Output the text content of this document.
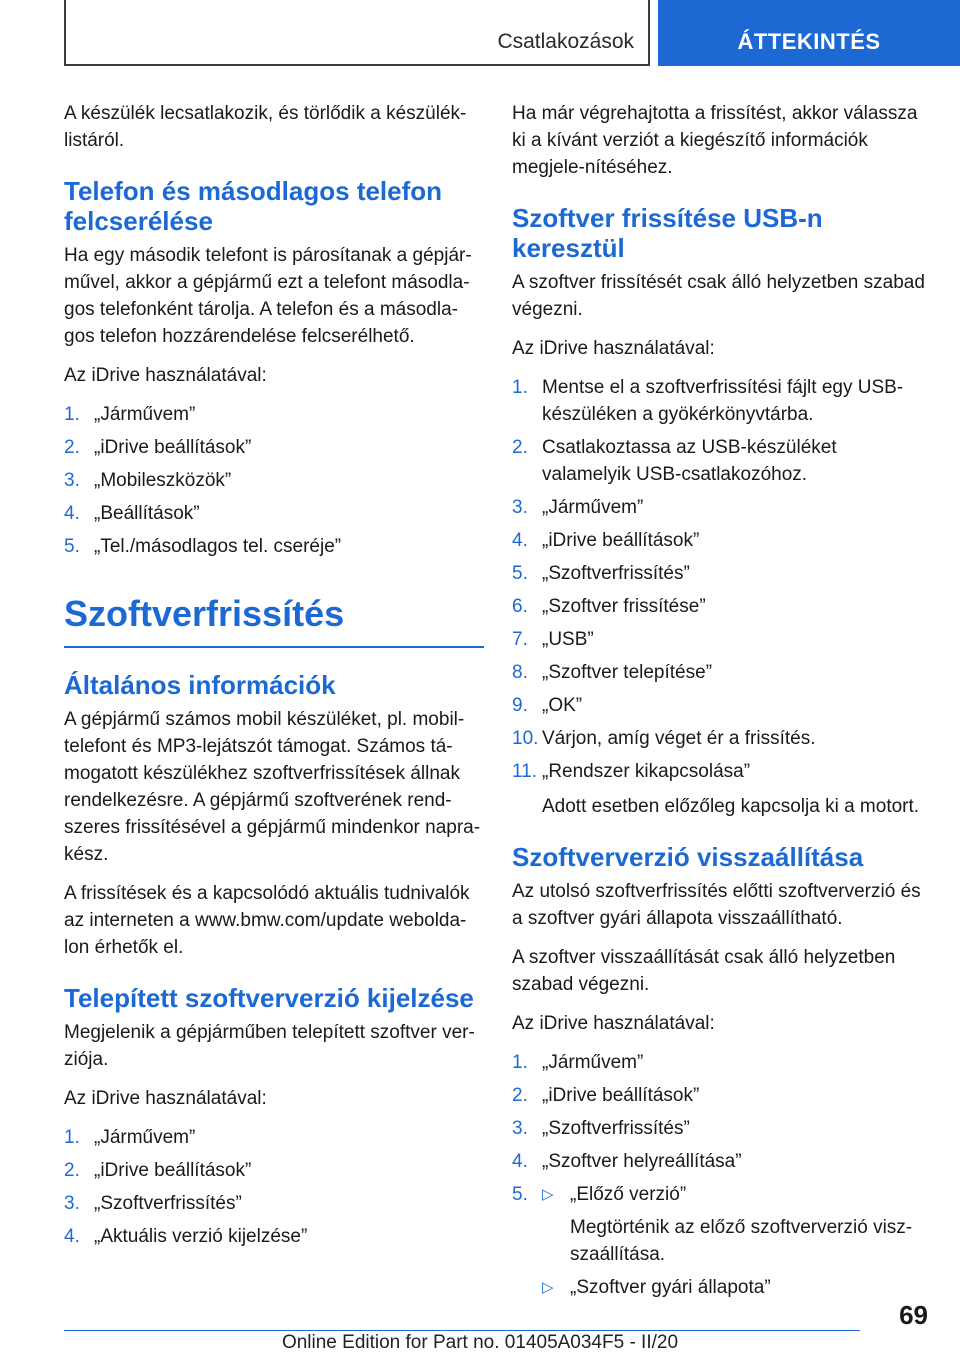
Csatlakozások	ÁTTEKINTÉS

A készülék lecsatlakozik, és törlődik a készülék-listáról.

Telefon és másodlagos telefon felcserélése

Ha egy második telefont is párosítanak a gépjár-művel, akkor a gépjármű ezt a telefont másodla-gos telefonként tárolja. A telefon és a másodla-gos telefon hozzárendelése felcserélhető.

Az iDrive használatával:

1. „Járművem”
2. „iDrive beállítások”
3. „Mobileszközök”
4. „Beállítások”
5. „Tel./másodlagos tel. cseréje”
Szoftverfrissítés
Általános információk

A gépjármű számos mobil készüléket, pl. mobil-telefont és MP3-lejátszót támogat. Számos tá-mogatott készülékhez szoftverfrissítések állnak rendelkezésre. A gépjármű szoftverének rend-szeres frissítésével a gépjármű mindenkor napra-kész.

A frissítések és a kapcsolódó aktuális tudnivalók az interneten a www.bmw.com/update webolda-lon érhetők el.

Telepített szoftververzió kijelzése

Megjelenik a gépjárműben telepített szoftver ver-ziója.

Az iDrive használatával:

1. „Járművem”
2. „iDrive beállítások”
3. „Szoftverfrissítés”
4. „Aktuális verzió kijelzése”

Ha már végrehajtotta a frissítést, akkor válassza ki a kívánt verziót a kiegészítő információk megjele-nítéséhez.

Szoftver frissítése USB-n keresztül

A szoftver frissítését csak álló helyzetben szabad végezni.

Az iDrive használatával:

1. Mentse el a szoftverfrissítési fájlt egy USB-készüléken a gyökérkönyvtárba.
2. Csatlakoztassa az USB-készüléket valamelyik USB-csatlakozóhoz.
3. „Járművem”
4. „iDrive beállítások”
5. „Szoftverfrissítés”
6. „Szoftver frissítése”
7. „USB”
8. „Szoftver telepítése”
9. „OK”
10. Várjon, amíg véget ér a frissítés.
11. „Rendszer kikapcsolása”
Adott esetben előzőleg kapcsolja ki a motort.
Szoftververzió visszaállítása

Az utolsó szoftverfrissítés előtti szoftververzió és a szoftver gyári állapota visszaállítható.

A szoftver visszaállítását csak álló helyzetben szabad végezni.

Az iDrive használatával:

1. „Járművem”
2. „iDrive beállítások”
3. „Szoftverfrissítés”
4. „Szoftver helyreállítása”
5. ▷ „Előző verzió”
Megtörténik az előző szoftververzió visz-szaállítása.
▷ „Szoftver gyári állapota”
69
Online Edition for Part no. 01405A034F5 - II/20
